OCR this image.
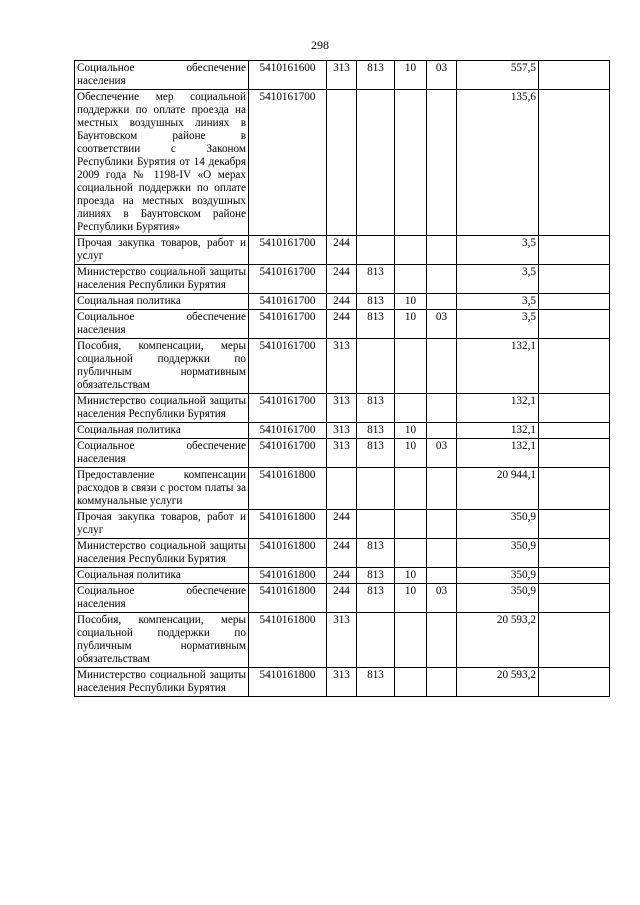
298
Социальное обеспечение населения	5410161600	313	813	10	03	557,5	
Обеспечение мер социальной поддержки по оплате проезда на местных воздушных линиях в Баунтовском районе в соответствии с Законом Республики Бурятия от 14 декабря 2009 года № 1198-IV «О мерах социальной поддержки по оплате проезда на местных воздушных линиях в Баунтовском районе Республики Бурятия»	5410161700					135,6	
Прочая закупка товаров, работ и услуг	5410161700	244				3,5	
Министерство социальной защиты населения Республики Бурятия	5410161700	244	813			3,5	
Социальная политика	5410161700	244	813	10		3,5	
Социальное обеспечение населения	5410161700	244	813	10	03	3,5	
Пособия, компенсации, меры социальной поддержки по публичным нормативным обязательствам	5410161700	313				132,1	
Министерство социальной защиты населения Республики Бурятия	5410161700	313	813			132,1	
Социальная политика	5410161700	313	813	10		132,1	
Социальное обеспечение населения	5410161700	313	813	10	03	132,1	
Предоставление компенсации расходов в связи с ростом платы за коммунальные услуги	5410161800					20 944,1	
Прочая закупка товаров, работ и услуг	5410161800	244				350,9	
Министерство социальной защиты населения Республики Бурятия	5410161800	244	813			350,9	
Социальная политика	5410161800	244	813	10		350,9	
Социальное обеспечение населения	5410161800	244	813	10	03	350,9	
Пособия, компенсации, меры социальной поддержки по публичным нормативным обязательствам	5410161800	313				20 593,2	
Министерство социальной защиты населения Республики Бурятия	5410161800	313	813			20 593,2	
